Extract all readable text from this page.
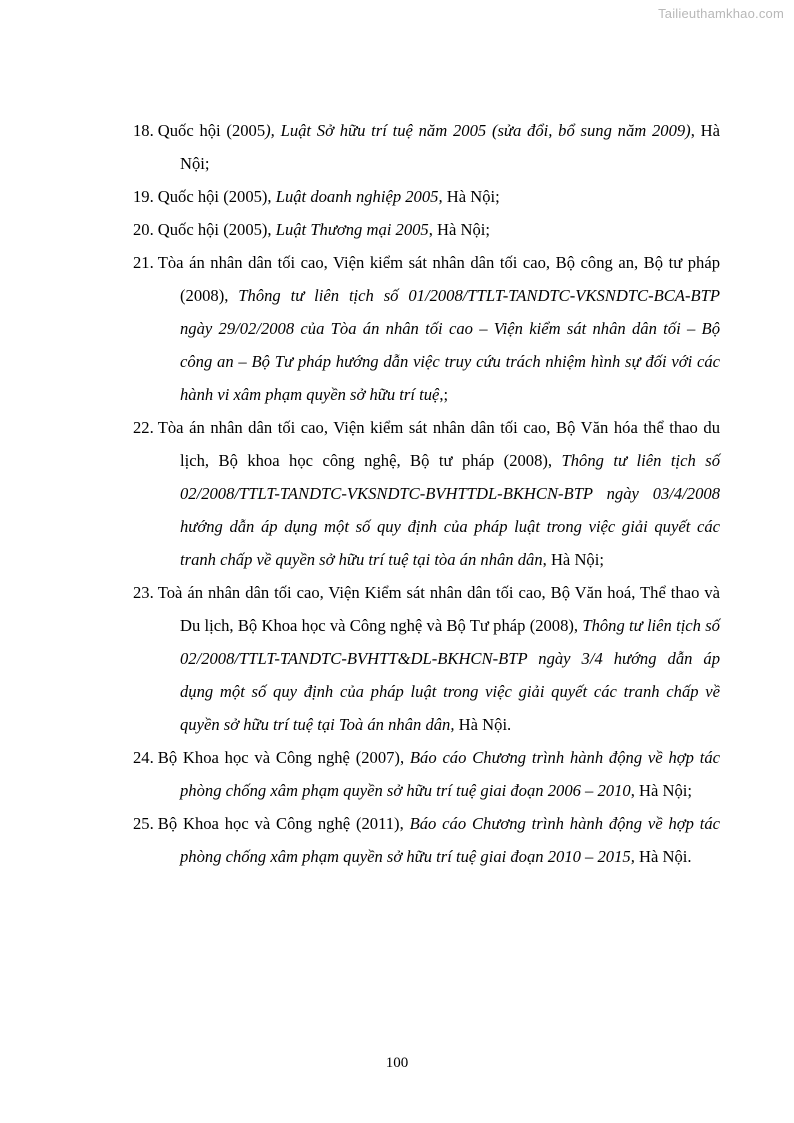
Tailieuthamkhao.com
18. Quốc hội (2005), Luật Sở hữu trí tuệ năm 2005 (sửa đổi, bổ sung năm 2009), Hà Nội;
19. Quốc hội (2005), Luật doanh nghiệp 2005, Hà Nội;
20. Quốc hội (2005), Luật Thương mại 2005, Hà Nội;
21. Tòa án nhân dân tối cao, Viện kiểm sát nhân dân tối cao, Bộ công an, Bộ tư pháp (2008), Thông tư liên tịch số 01/2008/TTLT-TANDTC-VKSNDTC-BCA-BTP ngày 29/02/2008 của Tòa án nhân tối cao – Viện kiểm sát nhân dân tối – Bộ công an – Bộ Tư pháp hướng dẫn việc truy cứu trách nhiệm hình sự đối với các hành vi xâm phạm quyền sở hữu trí tuệ,;
22. Tòa án nhân dân tối cao, Viện kiểm sát nhân dân tối cao, Bộ Văn hóa thể thao du lịch, Bộ khoa học công nghệ, Bộ tư pháp (2008), Thông tư liên tịch số 02/2008/TTLT-TANDTC-VKSNDTC-BVHTTDL-BKHCN-BTP ngày 03/4/2008 hướng dẫn áp dụng một số quy định của pháp luật trong việc giải quyết các tranh chấp về quyền sở hữu trí tuệ tại tòa án nhân dân, Hà Nội;
23. Toà án nhân dân tối cao, Viện Kiểm sát nhân dân tối cao, Bộ Văn hoá, Thể thao và Du lịch, Bộ Khoa học và Công nghệ và Bộ Tư pháp (2008), Thông tư liên tịch số 02/2008/TTLT-TANDTC-BVHTT&DL-BKHCN-BTP ngày 3/4 hướng dẫn áp dụng một số quy định của pháp luật trong việc giải quyết các tranh chấp về quyền sở hữu trí tuệ tại Toà án nhân dân, Hà Nội.
24. Bộ Khoa học và Công nghệ (2007), Báo cáo Chương trình hành động về hợp tác phòng chống xâm phạm quyền sở hữu trí tuệ giai đoạn 2006 – 2010, Hà Nội;
25. Bộ Khoa học và Công nghệ (2011), Báo cáo Chương trình hành động về hợp tác phòng chống xâm phạm quyền sở hữu trí tuệ giai đoạn 2010 – 2015, Hà Nội.
100
